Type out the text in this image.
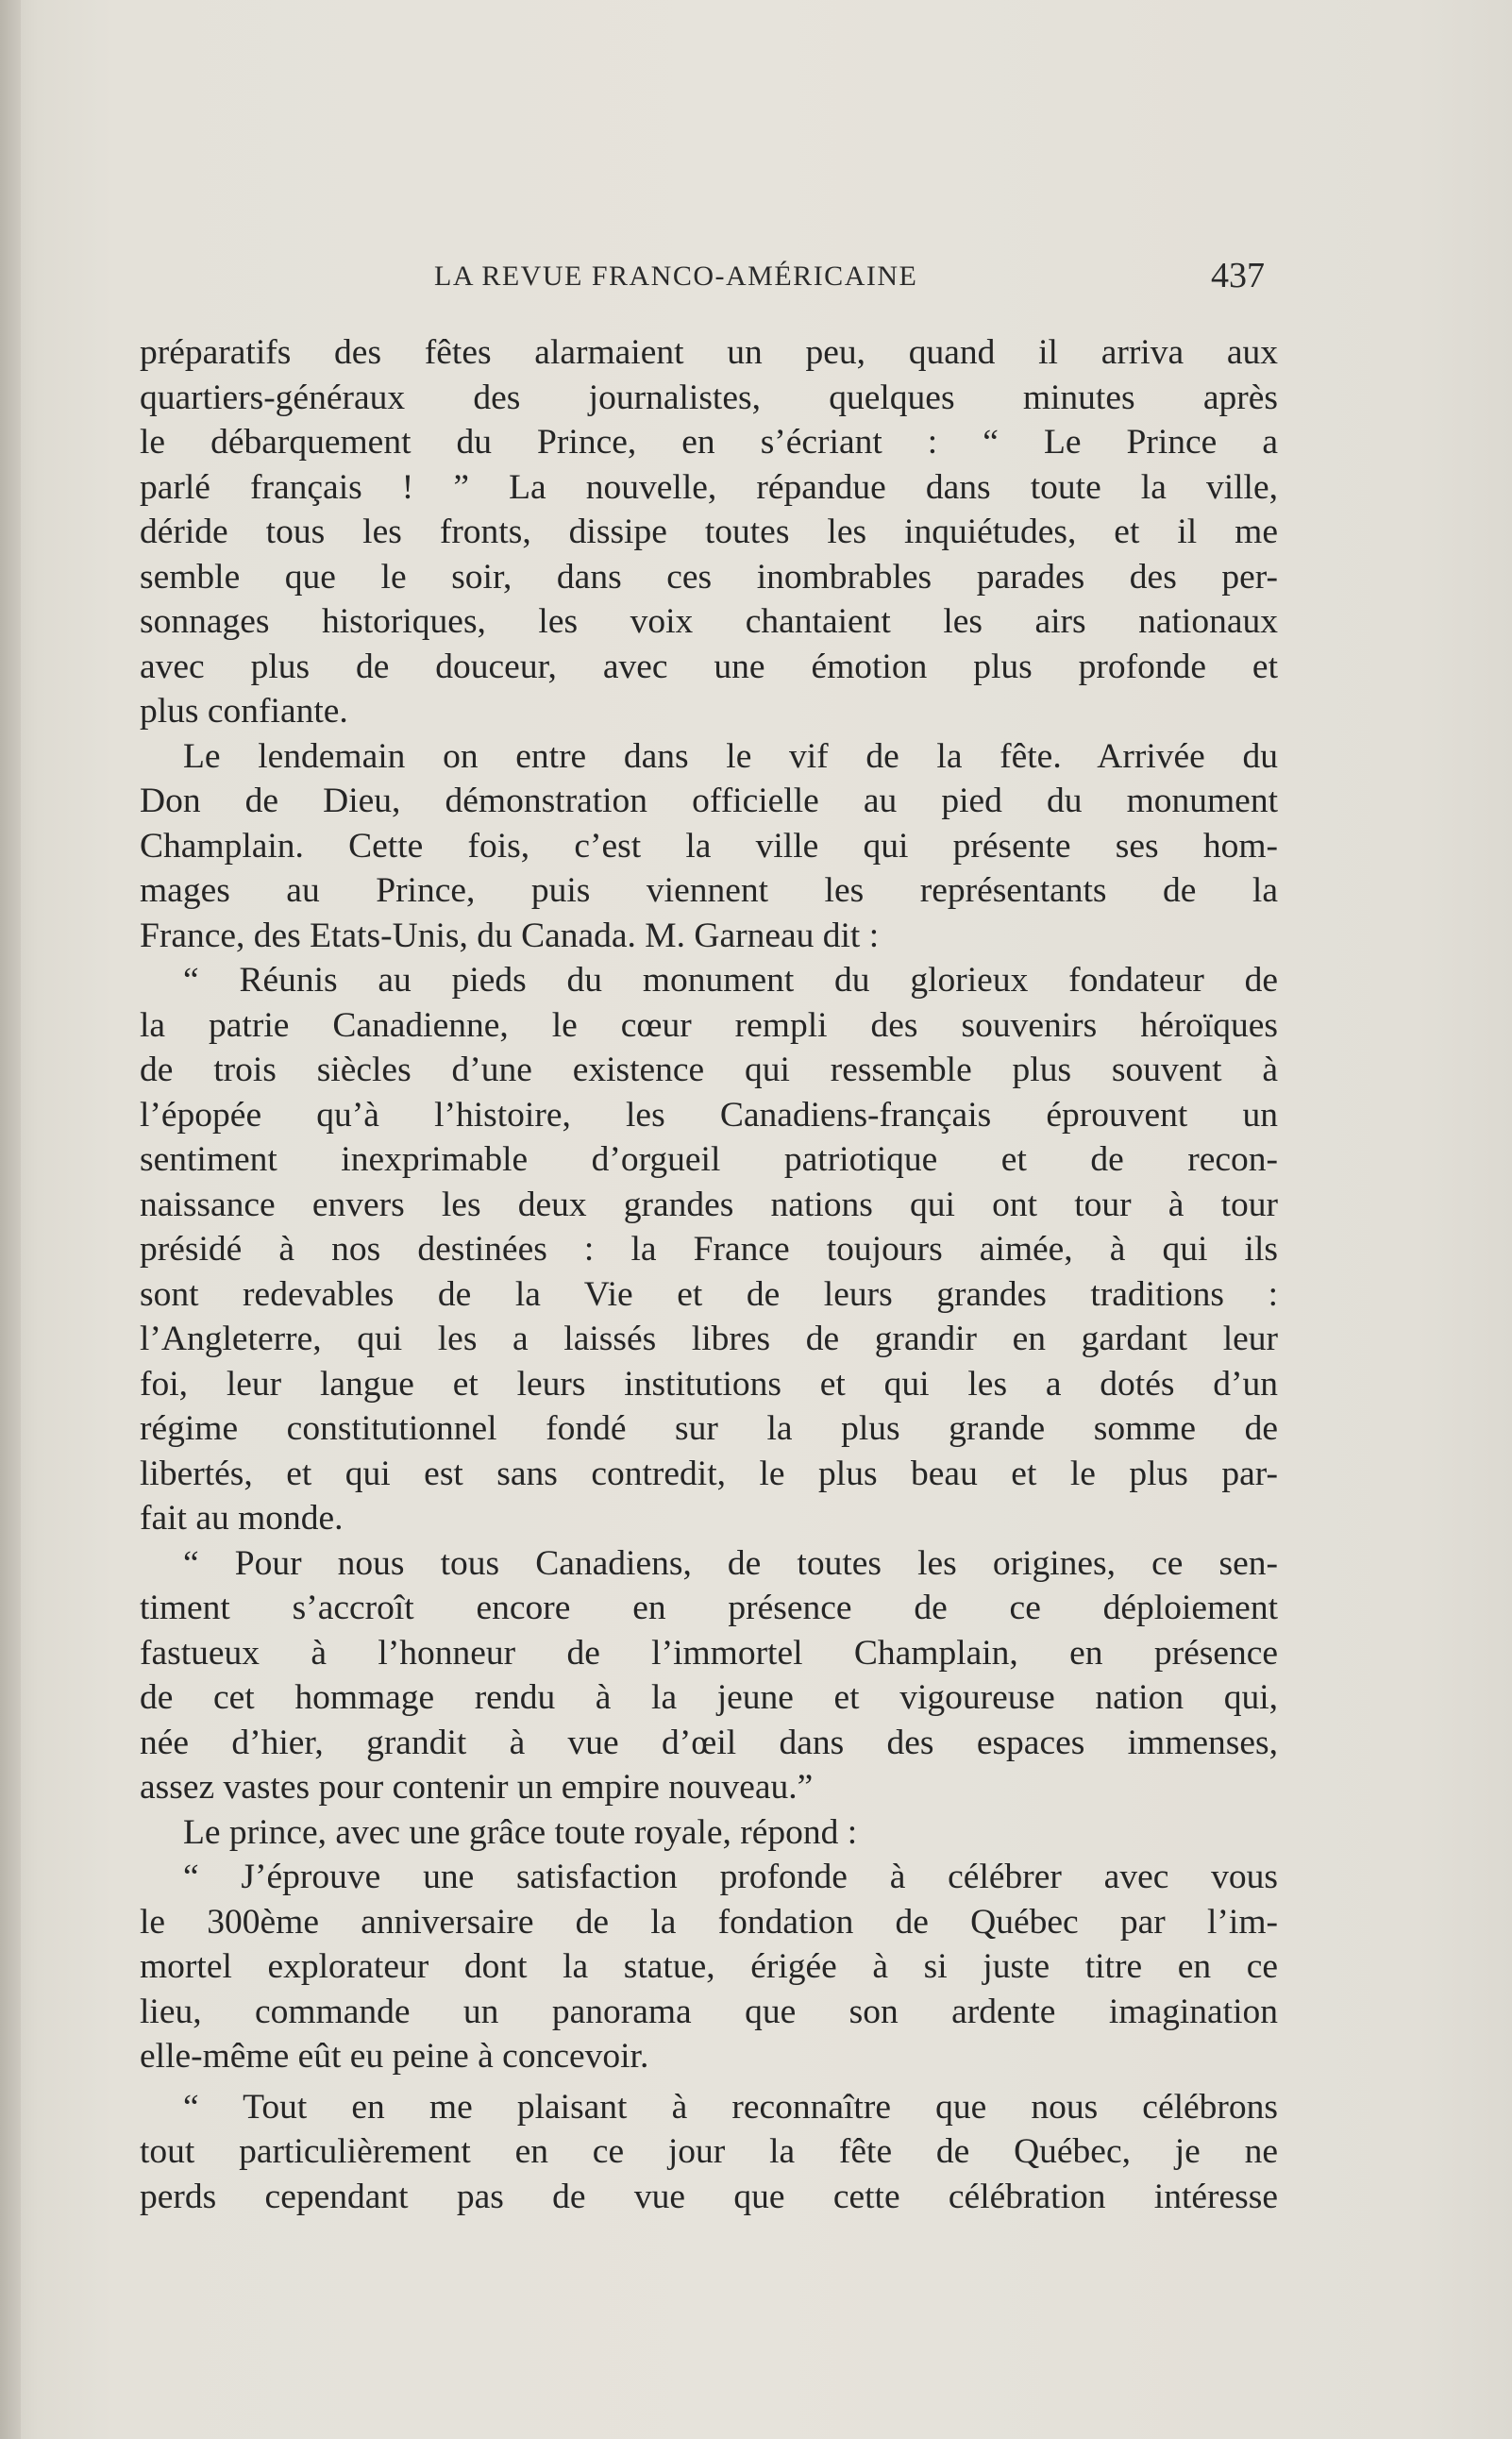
LA REVUE FRANCO-AMÉRICAINE	437
préparatifs des fêtes alarmaient un peu, quand il arriva aux
quartiers-généraux des journalistes, quelques minutes après
le débarquement du Prince, en s’écriant : “ Le Prince a
parlé français ! ” La nouvelle, répandue dans toute la ville,
déride tous les fronts, dissipe toutes les inquiétudes, et il me
semble que le soir, dans ces inombrables parades des per-
sonnages historiques, les voix chantaient les airs nationaux
avec plus de douceur, avec une émotion plus profonde et
plus confiante.
Le lendemain on entre dans le vif de la fête. Arrivée du
Don de Dieu, démonstration officielle au pied du monument
Champlain. Cette fois, c’est la ville qui présente ses hom-
mages au Prince, puis viennent les représentants de la
France, des Etats-Unis, du Canada. M. Garneau dit :
“ Réunis au pieds du monument du glorieux fondateur de
la patrie Canadienne, le cœur rempli des souvenirs héroïques
de trois siècles d’une existence qui ressemble plus souvent à
l’épopée qu’à l’histoire, les Canadiens-français éprouvent un
sentiment inexprimable d’orgueil patriotique et de recon-
naissance envers les deux grandes nations qui ont tour à tour
présidé à nos destinées : la France toujours aimée, à qui ils
sont redevables de la Vie et de leurs grandes traditions :
l’Angleterre, qui les a laissés libres de grandir en gardant leur
foi, leur langue et leurs institutions et qui les a dotés d’un
régime constitutionnel fondé sur la plus grande somme de
libertés, et qui est sans contredit, le plus beau et le plus par-
fait au monde.
“ Pour nous tous Canadiens, de toutes les origines, ce sen-
timent s’accroît encore en présence de ce déploiement
fastueux à l’honneur de l’immortel Champlain, en présence
de cet hommage rendu à la jeune et vigoureuse nation qui,
née d’hier, grandit à vue d’œil dans des espaces immenses,
assez vastes pour contenir un empire nouveau.”
Le prince, avec une grâce toute royale, répond :
“ J’éprouve une satisfaction profonde à célébrer avec vous
le 300ème anniversaire de la fondation de Québec par l’im-
mortel explorateur dont la statue, érigée à si juste titre en ce
lieu, commande un panorama que son ardente imagination
elle-même eût eu peine à concevoir.
“ Tout en me plaisant à reconnaître que nous célébrons
tout particulièrement en ce jour la fête de Québec, je ne
perds cependant pas de vue que cette célébration intéresse
